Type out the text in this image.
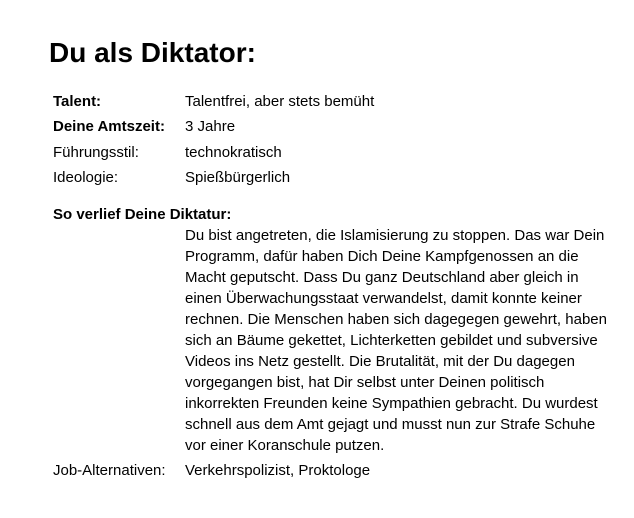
Du als Diktator:
Talent:	Talentfrei, aber stets bemüht
Deine Amtszeit:	3 Jahre
Führungsstil:	technokratisch
Ideologie:	Spießbürgerlich
So verlief Deine Diktatur:
Du bist angetreten, die Islamisierung zu stoppen. Das war Dein Programm, dafür haben Dich Deine Kampfgenossen an die Macht geputscht. Dass Du ganz Deutschland aber gleich in einen Überwachungsstaat verwandelst, damit konnte keiner rechnen. Die Menschen haben sich dagegegen gewehrt, haben sich an Bäume gekettet, Lichterketten gebildet und subversive Videos ins Netz gestellt. Die Brutalität, mit der Du dagegen vorgegangen bist, hat Dir selbst unter Deinen politisch inkorrekten Freunden keine Sympathien gebracht. Du wurdest schnell aus dem Amt gejagt und musst nun zur Strafe Schuhe vor einer Koranschule putzen.
Job-Alternativen:	Verkehrspolizist, Proktologe
